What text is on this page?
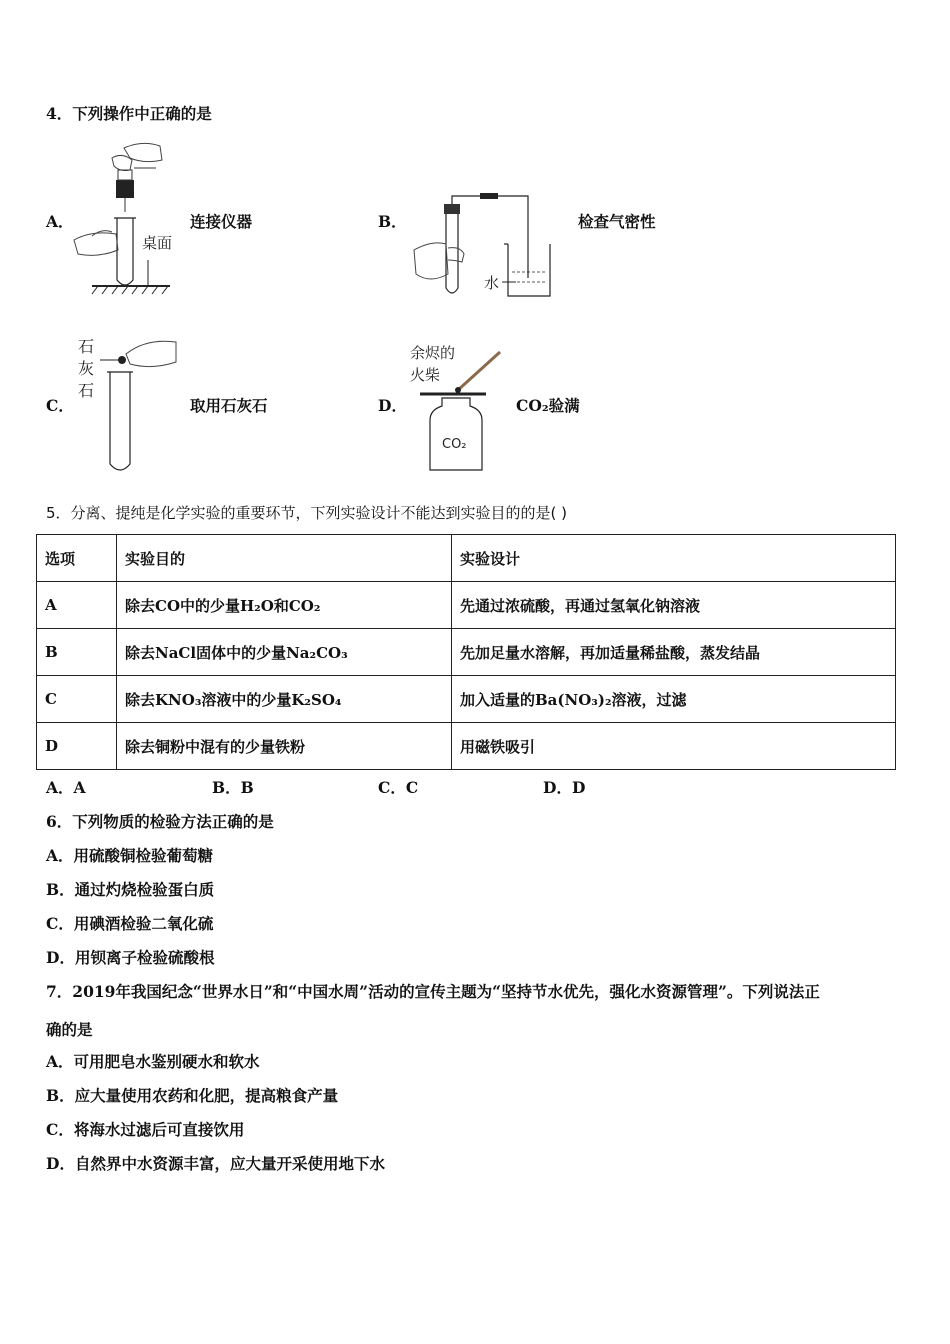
4．下列操作中正确的是
A．
桌面
连接仪器	B．
水
检查气密性
C．
石
灰
石
取用石灰石	D．
余烬的
火柴
CO₂
CO₂验满
5．分离、提纯是化学实验的重要环节，下列实验设计不能达到实验目的的是( )
选项	实验目的	实验设计
A	除去CO中的少量H₂O和CO₂	先通过浓硫酸，再通过氢氧化钠溶液
B	除去NaCl固体中的少量Na₂CO₃	先加足量水溶解，再加适量稀盐酸，蒸发结晶
C	除去KNO₃溶液中的少量K₂SO₄	加入适量的Ba(NO₃)₂溶液，过滤
D	除去铜粉中混有的少量铁粉	用磁铁吸引
A．A	B．B	C．C	D．D
6．下列物质的检验方法正确的是
A．用硫酸铜检验葡萄糖
B．通过灼烧检验蛋白质
C．用碘酒检验二氧化硫
D．用钡离子检验硫酸根
7．2019年我国纪念“世界水日”和“中国水周”活动的宣传主题为“坚持节水优先，强化水资源管理”。下列说法正
确的是
A．可用肥皂水鉴别硬水和软水
B．应大量使用农药和化肥，提高粮食产量
C．将海水过滤后可直接饮用
D．自然界中水资源丰富，应大量开采使用地下水
